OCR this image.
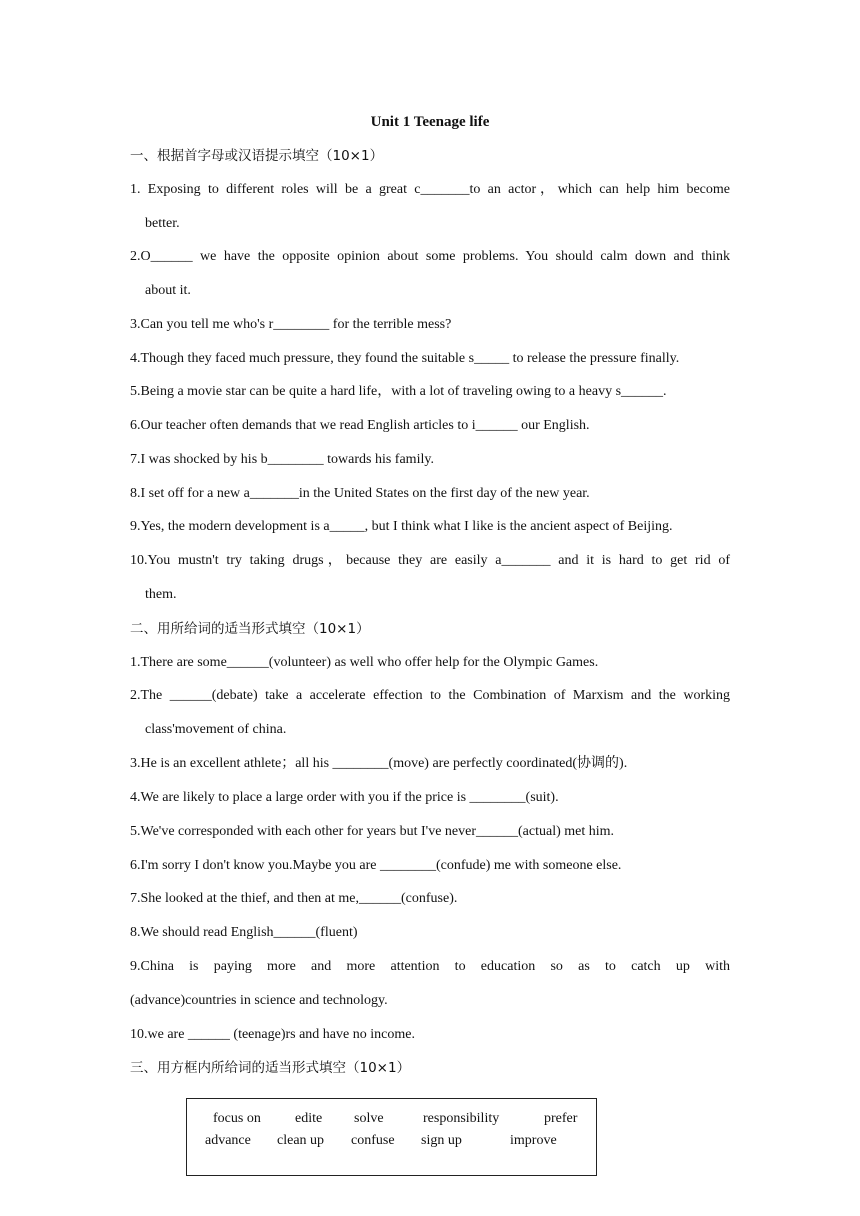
Unit 1 Teenage life
一、根据首字母或汉语提示填空（10×1）
1. Exposing to different roles will be a great c_______to an actor，which can help him become
better.
2.O______ we have the opposite opinion about some problems. You should calm down and think
about it.
3.Can you tell me who's r________ for the terrible mess?
4.Though they faced much pressure, they found the suitable s_____ to release the pressure finally.
5.Being a movie star can be quite a hard life，with a lot of traveling owing to a heavy s______.
6.Our teacher often demands that we read English articles to i______ our English.
7.I was shocked by his b________ towards his family.
8.I set off for a new a_______in the United States on the first day of the new year.
9.Yes, the modern development is a_____, but I think what I like is the ancient aspect of Beijing.
10.You mustn't try taking drugs，because they are easily a_______ and it is hard to get rid of
them.
二、用所给词的适当形式填空（10×1）
1.There are some______(volunteer) as well who offer help for the Olympic Games.
2.The ______(debate) take a accelerate effection to the Combination of Marxism and the working
class'movement of china.
3.He is an excellent athlete；all his ________(move) are perfectly coordinated(协调的).
4.We are likely to place a large order with you if the price is ________(suit).
5.We've corresponded with each other for years but I've never______(actual) met him.
6.I'm sorry I don't know you.Maybe you are ________(confude) me with someone else.
7.She looked at the thief, and then at me,______(confuse).
8.We should read English______(fluent)
9.China is paying more and more attention to education so as to catch up with
(advance)countries in science and technology.
10.we are ______ (teenage)rs and have no income.
三、用方框内所给词的适当形式填空（10×1）
focus on edite solve	responsibility	prefer
advance clean up confuse sign up	improve
